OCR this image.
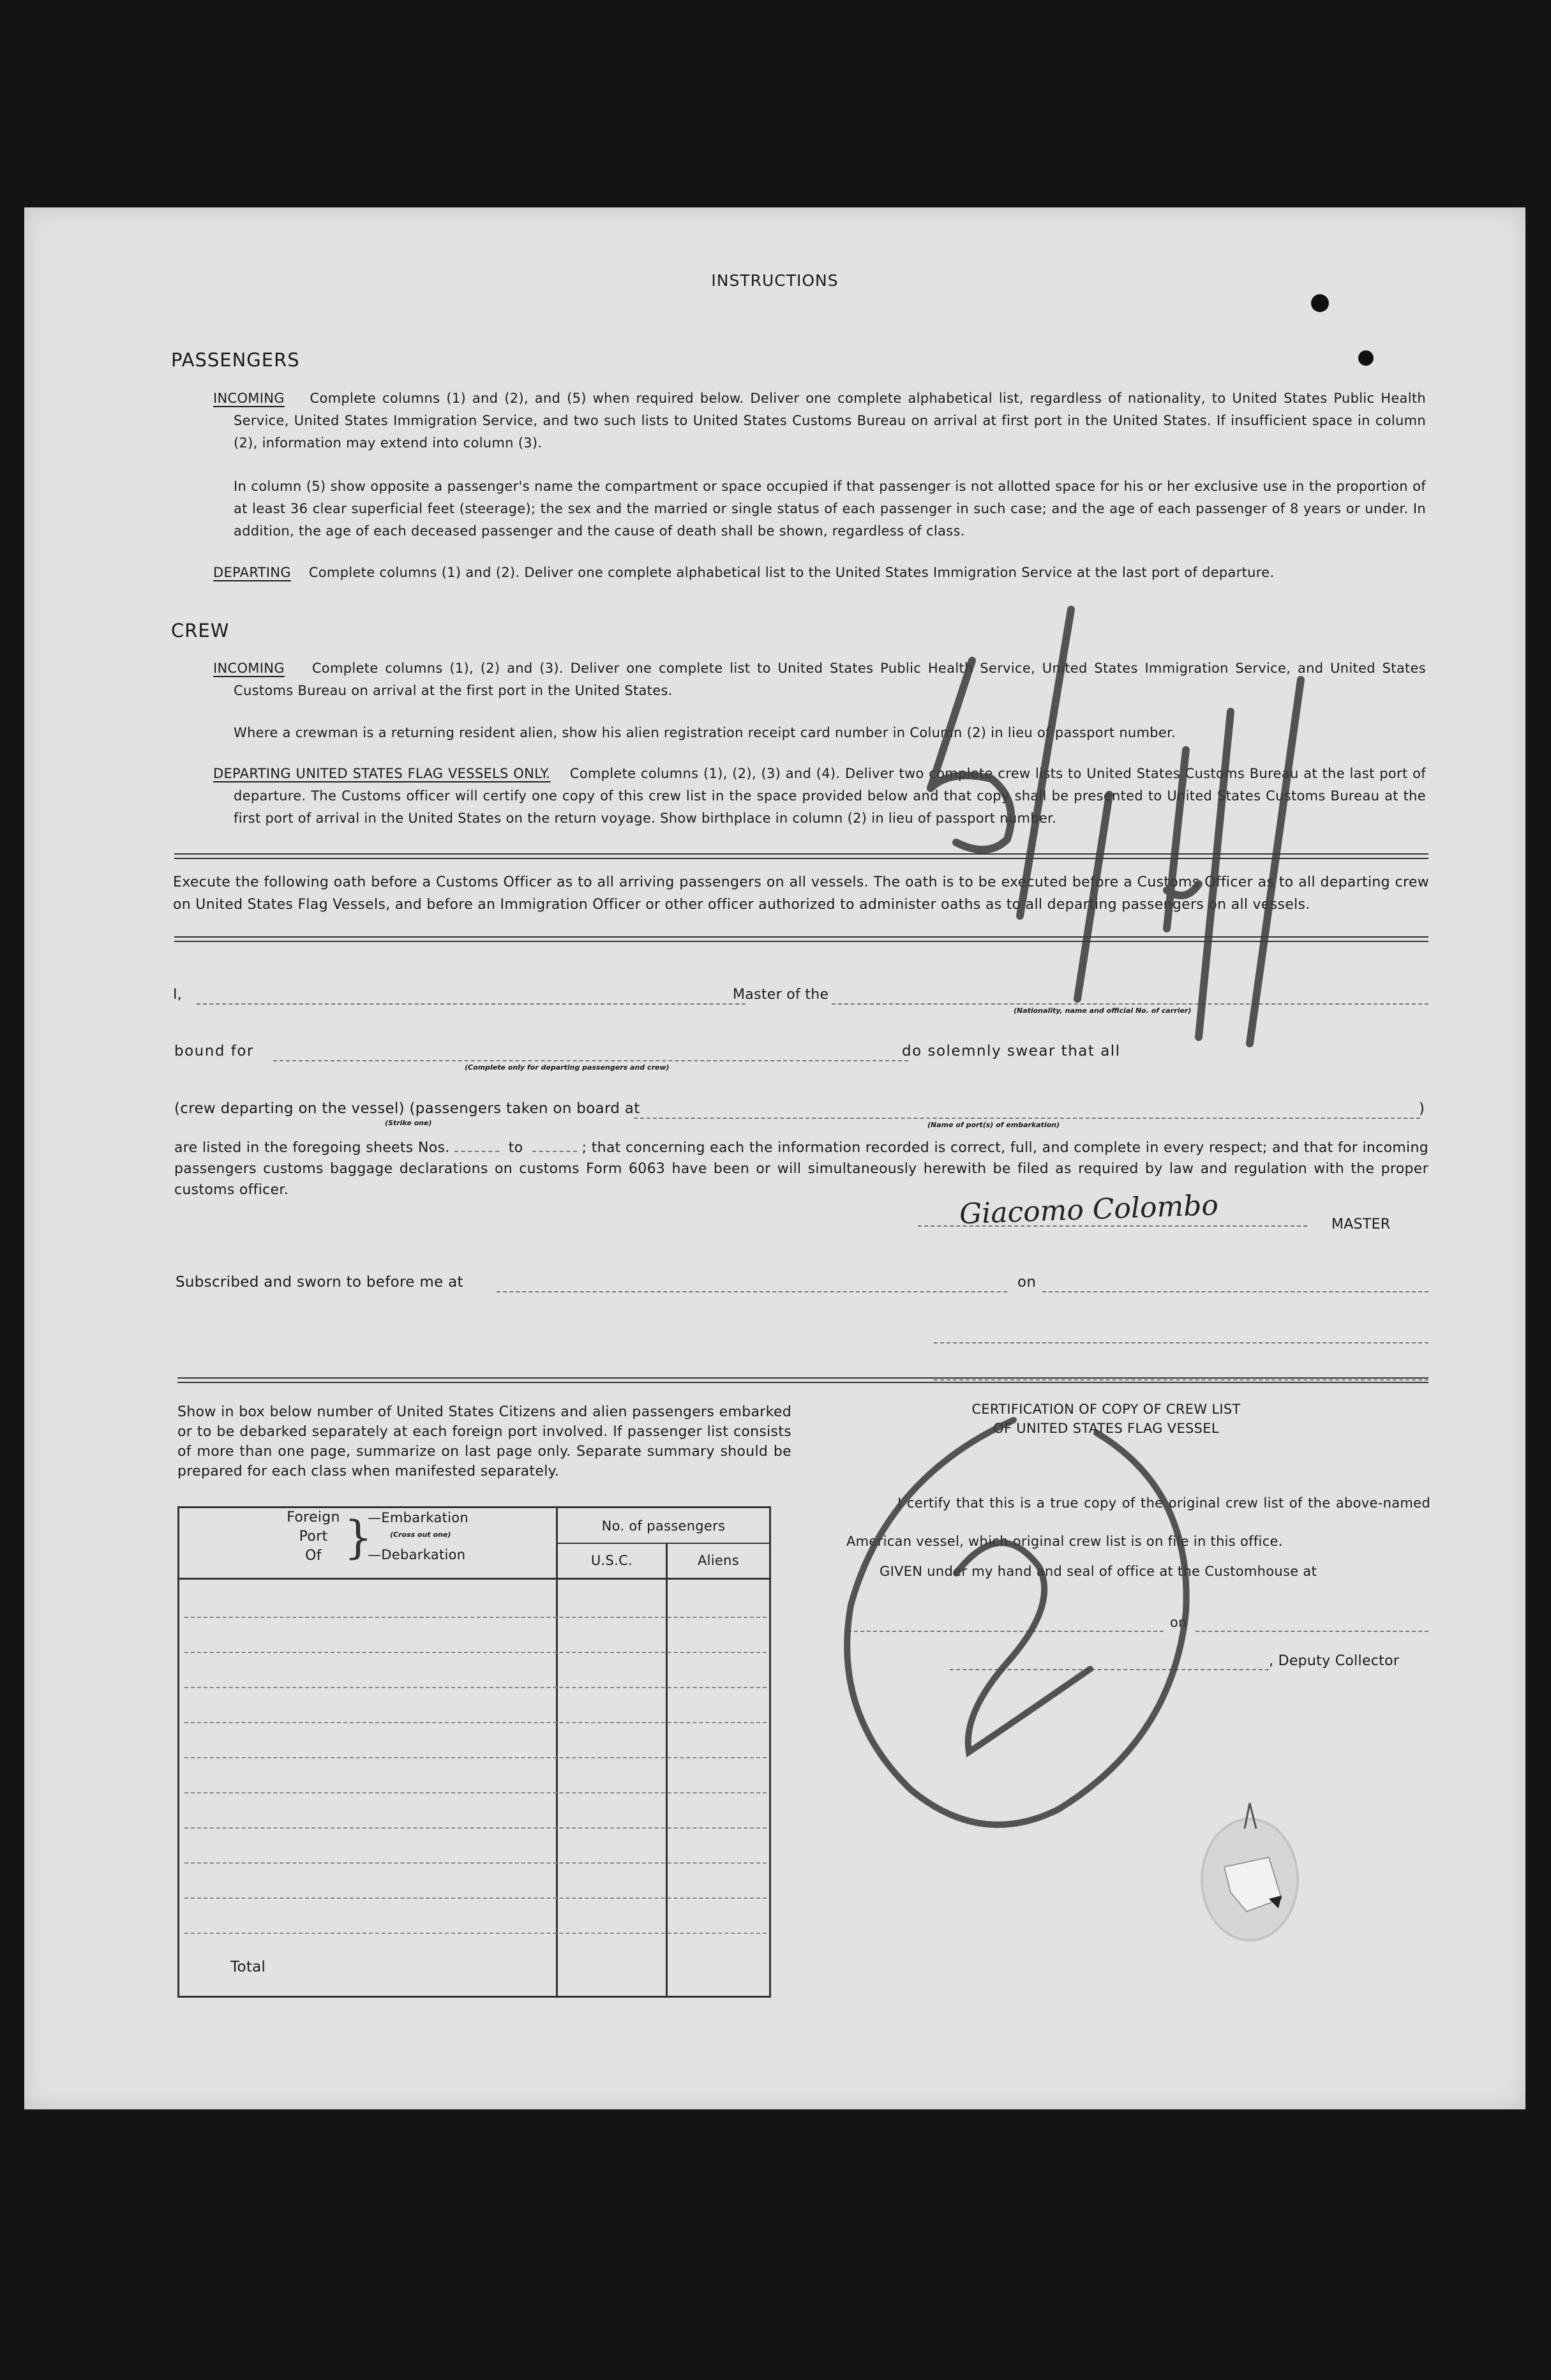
INSTRUCTIONS
PASSENGERS
INCOMING Complete columns (1) and (2), and (5) when required below. Deliver one complete alphabetical list, regardless of nationality, to United States Public Health Service, United States Immigration Service, and two such lists to United States Customs Bureau on arrival at first port in the United States. If insufficient space in column (2), information may extend into column (3).
In column (5) show opposite a passenger's name the compartment or space occupied if that passenger is not allotted space for his or her exclusive use in the proportion of at least 36 clear superficial feet (steerage); the sex and the married or single status of each passenger in such case; and the age of each passenger of 8 years or under. In addition, the age of each deceased passenger and the cause of death shall be shown, regardless of class.
DEPARTING Complete columns (1) and (2). Deliver one complete alphabetical list to the United States Immigration Service at the last port of departure.
CREW
INCOMING Complete columns (1), (2) and (3). Deliver one complete list to United States Public Health Service, United States Immigration Service, and United States Customs Bureau on arrival at the first port in the United States.
Where a crewman is a returning resident alien, show his alien registration receipt card number in Column (2) in lieu of passport number.
DEPARTING UNITED STATES FLAG VESSELS ONLY. Complete columns (1), (2), (3) and (4). Deliver two complete crew lists to United States Customs Bureau at the last port of departure. The Customs officer will certify one copy of this crew list in the space provided below and that copy shall be presented to United States Customs Bureau at the first port of arrival in the United States on the return voyage. Show birthplace in column (2) in lieu of passport number.
Execute the following oath before a Customs Officer as to all arriving passengers on all vessels. The oath is to be executed before a Customs Officer as to all departing crew on United States Flag Vessels, and before an Immigration Officer or other officer authorized to administer oaths as to all departing passengers on all vessels.
I,	Master of the
(Nationality, name and official No. of carrier)
bound for
(Complete only for departing passengers and crew)
do solemnly swear that all
(crew departing on the vessel) (passengers taken on board at
(Strike one)	(Name of port(s) of embarkation)
)
are listed in the foregoing sheets Nos.	to	; that concerning each the information recorded is correct, full, and complete in every respect; and that for incoming passengers customs baggage declarations on customs Form 6063 have been or will simultaneously herewith be filed as required by law and regulation with the proper customs officer.	Giacomo Colombo	MASTER
Subscribed and sworn to before me at	on
Show in box below number of United States Citizens and alien passengers embarked or to be debarked separately at each foreign port involved. If passenger list consists of more than one page, summarize on last page only. Separate summary should be prepared for each class when manifested separately.
Foreign
Port
Of }
—Embarkation
(Cross out one)
—Debarkation
No. of passengers
U.S.C.	Aliens
Total
CERTIFICATION OF COPY OF CREW LIST
OF UNITED STATES FLAG VESSEL
I certify that this is a true copy of the original crew list of the above-named American vessel, which original crew list is on file in this office.
GIVEN under my hand and seal of office at the Customhouse at
on
, Deputy Collector
5/11
2
